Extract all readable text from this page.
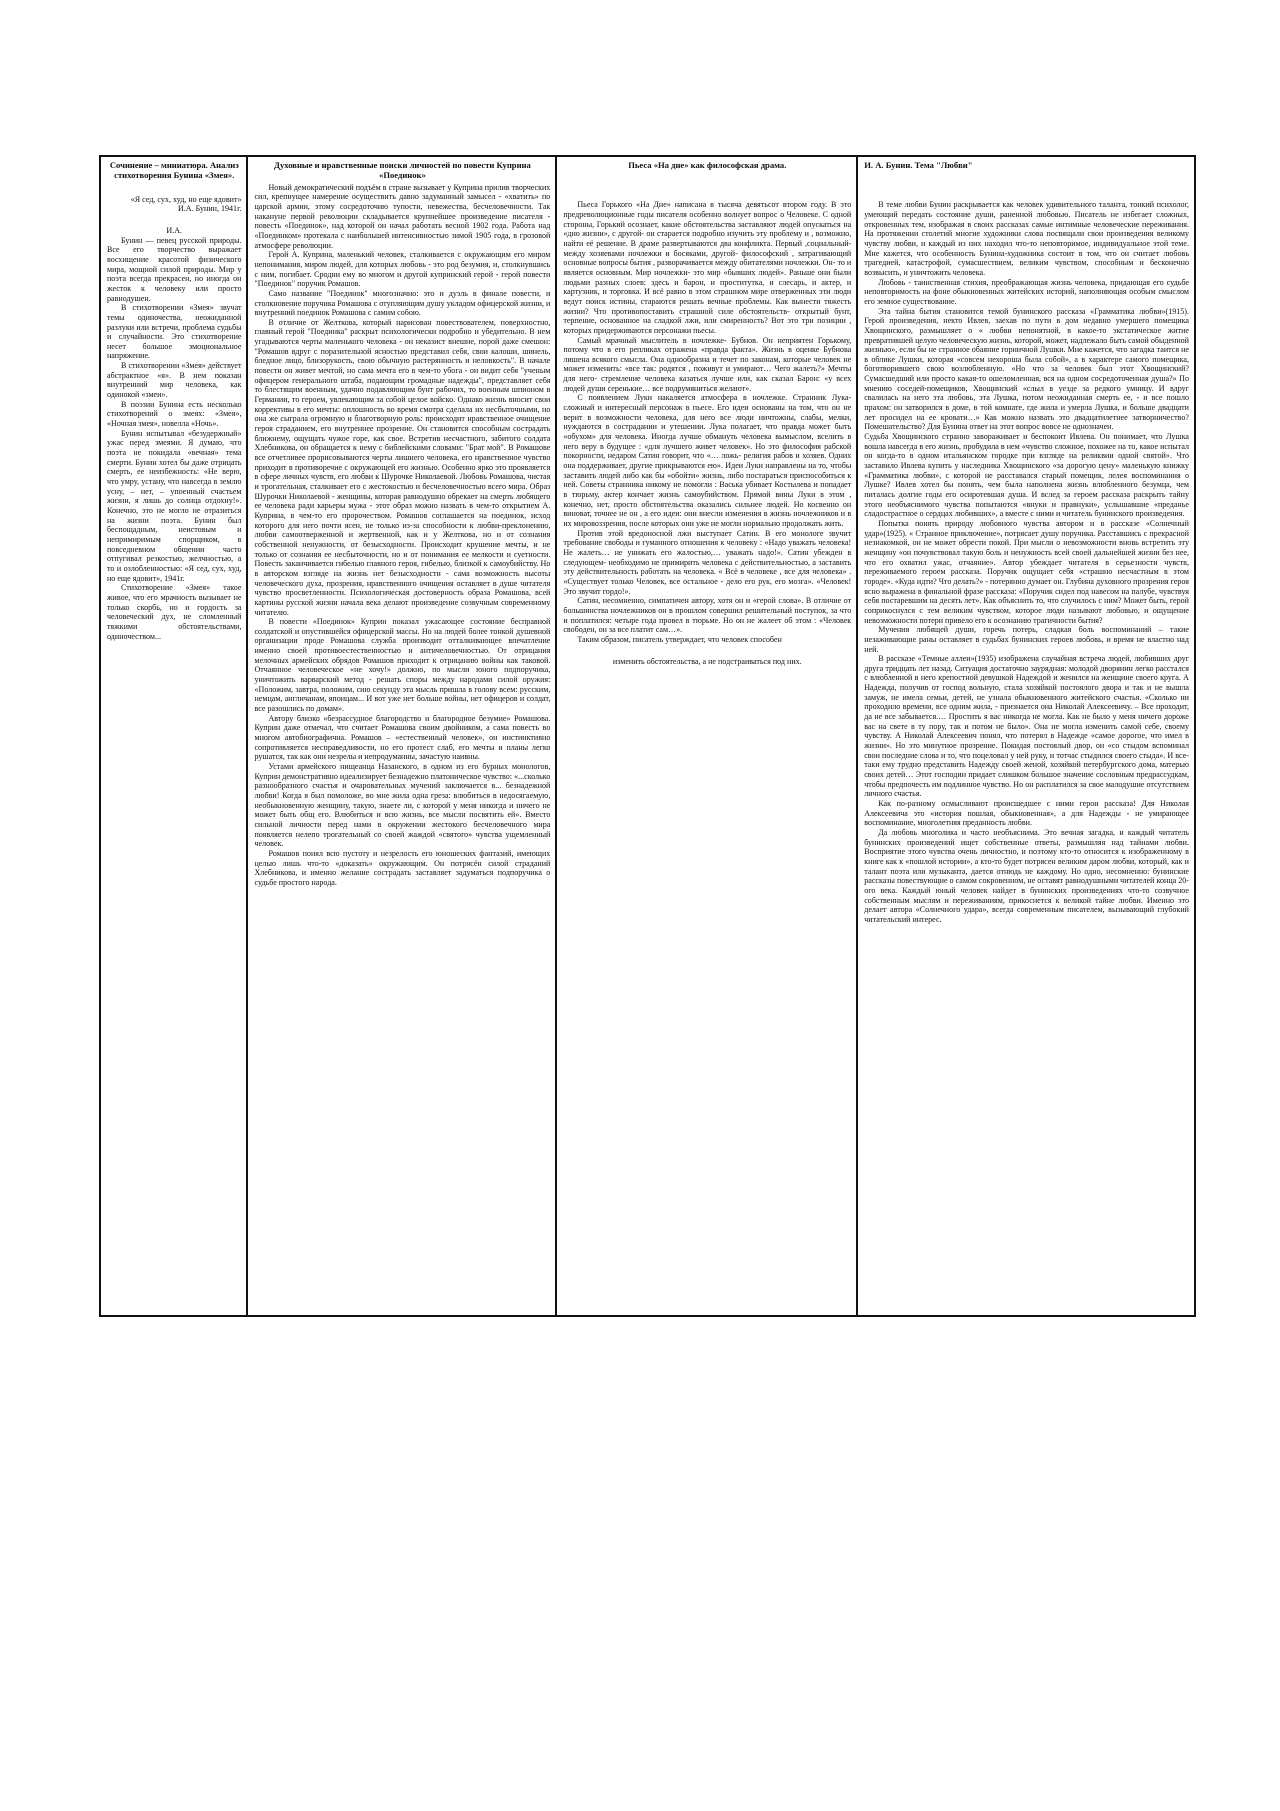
Сочинение – миниатюра. Анализ стихотворения Бунина «Змея».

«Я сед, сух, худ, но еще ядовит»

И.А. Бунин, 1941г.

И.А.

Бунин — певец русской природы. Все его творчество выражает восхищение красотой физического мира, мощной силой природы. Мир у поэта всегда прекрасен, но иногда он жесток к человеку или просто равнодушен.

В стихотворении «Змея» звучат темы одиночества, неожиданной разлуки или встречи, проблема судьбы и случайности. Это стихотворение несет большое эмоциональное напряжение.

В стихотворении «Змея» действует абстрактное «я». В нем показан внутренний мир человека, как одинокой «змеи».

В поэзии Бунина есть несколько стихотворений о змеях: «Змея», «Ночная змея», новелла «Ночь».

Бунин испытывал «безудержный» ужас перед змеями. Я думаю, что поэта не покидала «вечная» тема смерти. Бунин хотел бы даже отрицать смерть, ее неизбежность: «Не верю, что умру, устану, что навсегда в землю усну, – нет, – упоенный счастьем жизни, я лишь до солнца отдохну!». Конечно, это не могло не отразиться на жизни поэта. Бунин был беспощадным, неистовым и непримиримым спорщиком, в повседневном общении часто отпугивал резкостью, желчностью, а то и озлобленностью: «Я сед, сух, худ, но еще ядовит», 1941г.

Стихотворение «Змея» такое живое, что его мрачность вызывает не только скорбь, но и гордость за человеческий дух, не сломленный тяжкими обстоятельствами, одиночеством...

Духовные и нравственные поиски личностей по повести Куприна «Поединок»

Новый демократический подъём в стране вызывает у Куприна прилив творческих сил, крепнущее намерение осуществить давно задуманный замысел - «хватить» по царской армии, этому сосредоточию тупости, невежества, бесчеловечности. Так накануне первой революции складывается крупнейшее произведение писателя - повесть «Поединок», над которой он начал работать весной 1902 года. Работа над «Поединком» протекала с наибольшей интенсивностью зимой 1905 года, в грозовой атмосфере революции.

Герой А. Куприна, маленький человек, сталкивается с окружающим его миром непонимания, миром людей, для которых любовь - это род безумия, и, столкнувшись с ним, погибает. Сродни ему во многом и другой купринский герой - герой повести "Поединок" поручик Ромашов.

Само название "Поединок" многозначно: это и дуэль в финале повести, и столкновение поручика Ромашова с отупляющим душу укладом офицерской жизни, и внутренний поединок Ромашова с самим собою.

В отличие от Желткова, который нарисован повествователем, поверхностно, главный герой "Поединка" раскрыт психологически подробно и убедительно. В нем угадываются черты маленького человека - он неказист внешне, порой даже смешон: "Ромашов вдруг с поразительной ясностью представил себя, свои калоши, шинель, бледное лицо, близорукость, свою обычную растерянность и неловкость". В начале повести он живет мечтой, но сама мечта его в чем-то убога - он видит себя "ученым офицером генерального штаба, подающим громадные надежды", представляет себя то блестящим военным, удачно подавляющим бунт рабочих, то военным шпионом в Германии, то героем, увлекающим за собой целое войско. Однако жизнь вносит свои коррективы в его мечты: оплошность во время смотра сделала их несбыточными, но она же сыграла огромную и благотворную роль: происходит нравственное очищение героя страданием, его внутреннее прозрение. Он становится способным сострадать ближнему, ощущать чужое горе, как свое. Встретив несчастного, забитого солдата Хлебникова, он обращается к нему с библейскими словами: "Брат мой". В Ромашове все отчетливее прорисовываются черты лишнего человека, его нравственное чувство приходит в противоречие с окружающей его жизнью. Особенно ярко это проявляется в сфере личных чувств, его любви к Шурочке Николаевой. Любовь Ромашова, чистая и трогательная, сталкивает его с жестокостью и бесчеловечностью всего мира. Образ Шурочки Николаевой - женщины, которая равнодушно обрекает на смерть любящего ее человека ради карьеры мужа - этот образ можно назвать в чем-то открытием А. Куприна, в чем-то его пророчеством. Ромашов соглашается на поединок, исход которого для него почти ясен, не только из-за способности к любви-преклонению, любви самоотверженной и жертвенной, как и у Желткова, но и от сознания собственной ненужности, от безысходности. Происходит крушение мечты, и не только от сознания ее несбыточности, но и от понимания ее мелкости и суетности. Повесть заканчивается гибелью главного героя, гибелью, близкой к самоубийству. Но в авторском взгляде на жизнь нет безысходности - сама возможность высоты человеческого духа, прозрения, нравственного очищения оставляет в душе читателя чувство просветленности. Психологическая достоверность образа Ромашова, всей картины русской жизни начала века делают произведение созвучным современному читателю.

В повести «Поединок» Куприн показал ужасающее состояние бесправной солдатской и опустившейся офицерской массы. Но на людей более тонкой душевной организации проде Ромашова служба производит отталкивающее впечатление именно своей противоестественностью и античеловечностью. От отрицания мелочных армейских обрядов Ромашов приходит к отрицанию войны как таковой. Отчаянное человеческое «не хочу!» должно, по мысли юного подпоручика, уничтожить варварский метод - решать споры между народами силой оружия: «Положим, завтра, положим, сию секунду эта мысль пришла в голову всем: русским, немцам, англичанам, японцам... И вот уже нет больше войны, нет офицеров и солдат, все разошлись по домам».

Автору близко «безрассудное благородство и благородное безумие» Ромашова. Куприн даже отмечал, что считает Ромашова своим двойником, а сама повесть во многом автобиографична. Ромашов – «естественный человек», он инстинктивно сопротивляется несправедливости, но его протест слаб, его мечты и планы легко рушатся, так как они незрелы и непродуманны, зачастую наивны.

Устами армейского нищеанца Назанского, в одном из его бурных монологов, Куприн демонстративно идеализирует безнадежно платоническое чувство: «...сколько разнообразного счастья и очаровательных мучений заключается в... безнадежной любви! Когда я был помоложе, во мне жила одна греза: влюбиться в недосягаемую, необыкновенную женщину, такую, знаете ли, с которой у меня никогда и ничего не может быть общ его. Влюбиться и всю жизнь, все мысли посвятить ей». Вместо сильной личности перед нами в окружении жестокого бесчеловечного мира появляется нелепо трогательный со своей жаждой «святого» чувства ущемленный человек.

Ромашов понял всю пустоту и незрелость его юношеских фантазий, имеющих целью лишь что-то «доказать» окружающим. Он потрясён силой страданий Хлебникова, и именно желание сострадать заставляет задуматься подпоручика о судьбе простого народа.

Пьеса «На дне» как философская драма.

Пьеса Горького «На Дне» написана в тысяча девятьсот втором году. В это предреволюционные годы писателя особенно волнует вопрос о Человеке. С одной стороны, Горький осознает, какие обстоятельства заставляют людей опускаться на «дно жизни», с другой- он старается подробно изучить эту проблему и , возможно, найти её решение. В драме развертываются два конфликта. Первый ,социальный- между хозяевами ночлежки и босяками, другой- философский , затрагивающий основные вопросы бытия , разворачивается между обитателями ночлежки. Он- то и является основным. Мир ночлежки- это мир «бывших людей». Раньше они были людьми разных слоев: здесь и барон, и проститутка, и слесарь, и актер, и картузник, и торговка. И всё равно в этом страшном мире отверженных эти люди ведут поиск истины, стараются решать вечные проблемы. Как вынести тяжесть жизни? Что противопоставить страшной силе обстоятельств- открытый бунт, терпение, основанное на сладкой лжи, или смиренность? Вот это три позиции , которых придерживаются персонажи пьесы.

Самый мрачный мыслитель в ночлежке- Бубнов. Он неприятен Горькому, потому что в его репликах отражена «правда факта». Жизнь в оценке Бубнова лишена всякого смысла. Она однообразна и течет по законам, которые человек не может изменить: «все так: родятся , поживут и умирают… Чего жалеть?» Мечты для него- стремление человека казаться лучше или, как сказал Барон: «у всех людей души серенькие… все подрумяниться желают».

С появлением Луки накаляется атмосфера в ночлежке. Странник Лука- сложный и интересный персонаж в пьесе. Его идеи основаны на том, что он не верит в возможности человека, для него все люди ничтожны, слабы, мелки, нуждаются в сострадании и утешении. Лука полагает, что правда может быть «обухом» для человека. Иногда лучше обмануть человека вымыслом, вселить в него веру в будущее : «для лучшего живет человек». Но это философия рабской покорности, недаром Сатин говорит, что «… ложь- религия рабов и хозяев. Одних она поддерживает, другие прикрываются ею». Идеи Луки направлены на то, чтобы заставить людей либо как бы «обойти» жизнь, либо постараться приспособиться к ней. Советы странника никому не помогли : Васька убивает Костылева и попадает в тюрьму, актер кончает жизнь самоубийством. Прямой вины Луки в этом , конечно, нет, просто обстоятельства оказались сильнее людей. Но косвенно он виноват, точнее не он , а его идеи: они внесли изменения в жизнь ночлежников и в их мировоззрения, после которых они уже не могли нормально продолжать жить.

Против этой вредоносной лжи выступает Сатин. В его монологе звучит требование свободы и гуманного отношения к человеку : «Надо уважать человека! Не жалеть… не унижать его жалостью,… уважать надо!». Сатин убежден в следующем- необходимо не примирить человека с действительностью, а заставить эту действительность работать на человека. « Всё в человеке , все для человека» . «Существует только Человек, все остальное - дело его рук, его мозга». «Человек! Это звучит гордо!».

Сатин, несомненно, симпатичен автору, хотя он и «герой слова». В отличие от большинства ночлежников он в прошлом совершил решительный поступок, за что и поплатился: четыре года провел в тюрьме. Но он не жалеет об этом : «Человек свободен, он за все платит сам…».

Таким образом, писатель утверждает, что человек способен

изменить обстоятельства, а не подстраиваться под них.

И. А. Бунин. Тема "Любви"

В теме любви Бунин раскрывается как человек удивительного таланта, тонкий психолог, умеющий передать состояние души, раненной любовью. Писатель не избегает сложных, откровенных тем, изображая в своих рассказах самые интимные человеческие переживания. На протяжении столетий многие художники слова посвящали свои произведения великому чувству любви, и каждый из них находил что-то неповторимое, индивидуальное этой теме. Мне кажется, что особенность Бунина-художника состоит в том, что он считает любовь трагедией, катастрофой, сумасшествием, великим чувством, способным и бесконечно возвысить, и уничтожить человека.

Любовь - таинственная стихия, преображающая жизнь человека, придающая его судьбе неповторимость на фоне обыкновенных житейских историй, наполняющая особым смыслом его земное существование.

Эта тайна бытия становится темой бунинского рассказа «Грамматика любви»(1915). Герой произведения, некто Ивлев, заехав по пути в дом недавно умершего помещика Хвощинского, размышляет о « любви непонятной, в какое-то экстатическое житие превратившей целую человеческую жизнь, которой, может, надлежало быть самой обыденной жизнью», если бы не странное обаяние горничной Лушки. Мне кажется, что загадка таится не в облике Лушки, которая «совсем нехороша была собой», а в характере самого помещика, боготворившего свою возлюбленную. «Но что за человек был этот Хвощинский? Сумасшедший или просто какая-то ошеломленная, вся на одном сосредоточенная душа?» По мнению соседей-помещиков, Хвощинский «слыл в уезде за редкого умницу. И вдруг свалилась на него эта любовь, эта Лушка, потом неожиданная смерть ее, - и все пошло прахом: он затворился в доме, в той комнате, где жила и умерла Лушка, и больше двадцати лет просидел на ее кровати…» Как можно назвать это двадцатилетнее затворничество? Помешательство? Для Бунина ответ на этот вопрос вовсе не однозначен.

Судьба Хвощинского странно завораживает и беспокоит Ивлева. Он понимает, что Лушка вошла навсегда в его жизнь, пробудила в нем «чувство сложное, похожее на то, какое испытал он когда-то в одном итальянском городке при взгляде на реликвии одной святой». Что заставило Ивлева купить у наследника Хвощинского «за дорогую цену» маленькую книжку «Грамматика любви», с которой не расставался старый помещик, лелея воспоминания о Лушке? Ивлев хотел бы понять, чем была наполнена жизнь влюбленного безумца, чем питалась долгие годы его осиротевшая душа. И вслед за героем рассказа раскрыть тайну этого необъяснимого чувства попытаются «внуки и правнуки», услышавшие «преданье сладострастное о сердцах любивших», а вместе с ними и читатель бунинского произведения.

Попытка понять природу любовного чувства автором и в рассказе «Солнечный удар»(1925). « Странное приключение», потрясает душу поручика. Расставшись с прекрасной незнакомкой, он не может обрести покой. При мысли о невозможности вновь встретить эту женщину «он почувствовал такую боль и ненужность всей своей дальнейшей жизни без нее, что его охватил ужас, отчаяние». Автор убеждает читателя в серьезности чувств, переживаемого героем рассказа. Поручик ощущает себя «страшно несчастным в этом городе». «Куда идти? Что делать?» - потерянно думает он. Глубина духовного прозрения героя ясно выражена в финальной фразе рассказа: «Поручик сидел под навесом на палубе, чувствуя себя постаревшим на десять лет». Как объяснить то, что случилось с ним? Может быть, герой соприкоснулся с тем великим чувством, которое люди называют любовью, и ощущение невозможности потери привело его к осознанию трагичности бытия?

Мучения любящей души, горечь потерь, сладкая боль воспоминаний – такие незаживающие раны оставляет в судьбах бунинских героев любовь, и время не властно над ней.

В рассказе «Темные аллеи»(1935) изображена случайная встреча людей, любивших друг друга тридцать лет назад. Ситуация достаточно заурядная: молодой дворянин легко расстался с влюбленной в него крепостной девушкой Надеждой и женился на женщине своего круга. А Надежда, получив от господ вольную, стала хозяйкой постоялого двора и так и не вышла замуж, не имела семьи, детей, не узнала обыкновенного житейского счастья. «Сколько ни проходило времени, все одним жила, - признается она Николай Алексеевичу. – Все проходит, да не все забывается.… Простить я вас никогда не могла. Как не было у меня ничего дороже вас на свете в ту пору, так и потом не было». Она не могла изменить самой себе, своему чувству. А Николай Алексеевич понял, что потерял в Надежде «самое дорогое, что имел в жизни». Но это минутное прозрение. Покидая постоялый двор, он «со стыдом вспоминал свои последние слова и то, что поцеловал у ней руку, и тотчас стыдился своего стыда». И все-таки ему трудно представить Надежду своей женой, хозяйкой петербургского дома, матерью своих детей… Этот господин придает слишком большое значение сословным предрассудкам, чтобы предпочесть им подлинное чувство. Но он расплатился за свое малодушие отсутствием личного счастья.

Как по-разному осмысливают происшедшее с ними герои рассказа! Для Николая Алексеевича это «история пошлая, обыкновенная», а для Надежды - не умирающее воспоминание, многолетняя преданность любви.

Да любовь многолика и часто необъяснима. Это вечная загадка, и каждый читатель бунинских произведений ищет собственные ответы, размышляя над тайнами любви. Восприятие этого чувства очень личностно, и поэтому кто-то относится к изображенному в книге как к «пошлой истории», а кто-то будет потрясен великим даром любви, который, как и талант поэта или музыканта, дается отнюдь не каждому. Но одно, несомненно: бунинские рассказы повествующие о самом сокровенном, не оставят равнодушными читателей конца 20-ого века. Каждый юный человек найдет в бунинских произведениях что-то созвучное собственным мыслям и переживаниям, прикоснется к великой тайне любви. Именно это делает автора «Солнечного удара», всегда современным писателем, вызывающий глубокий читательский интерес.
